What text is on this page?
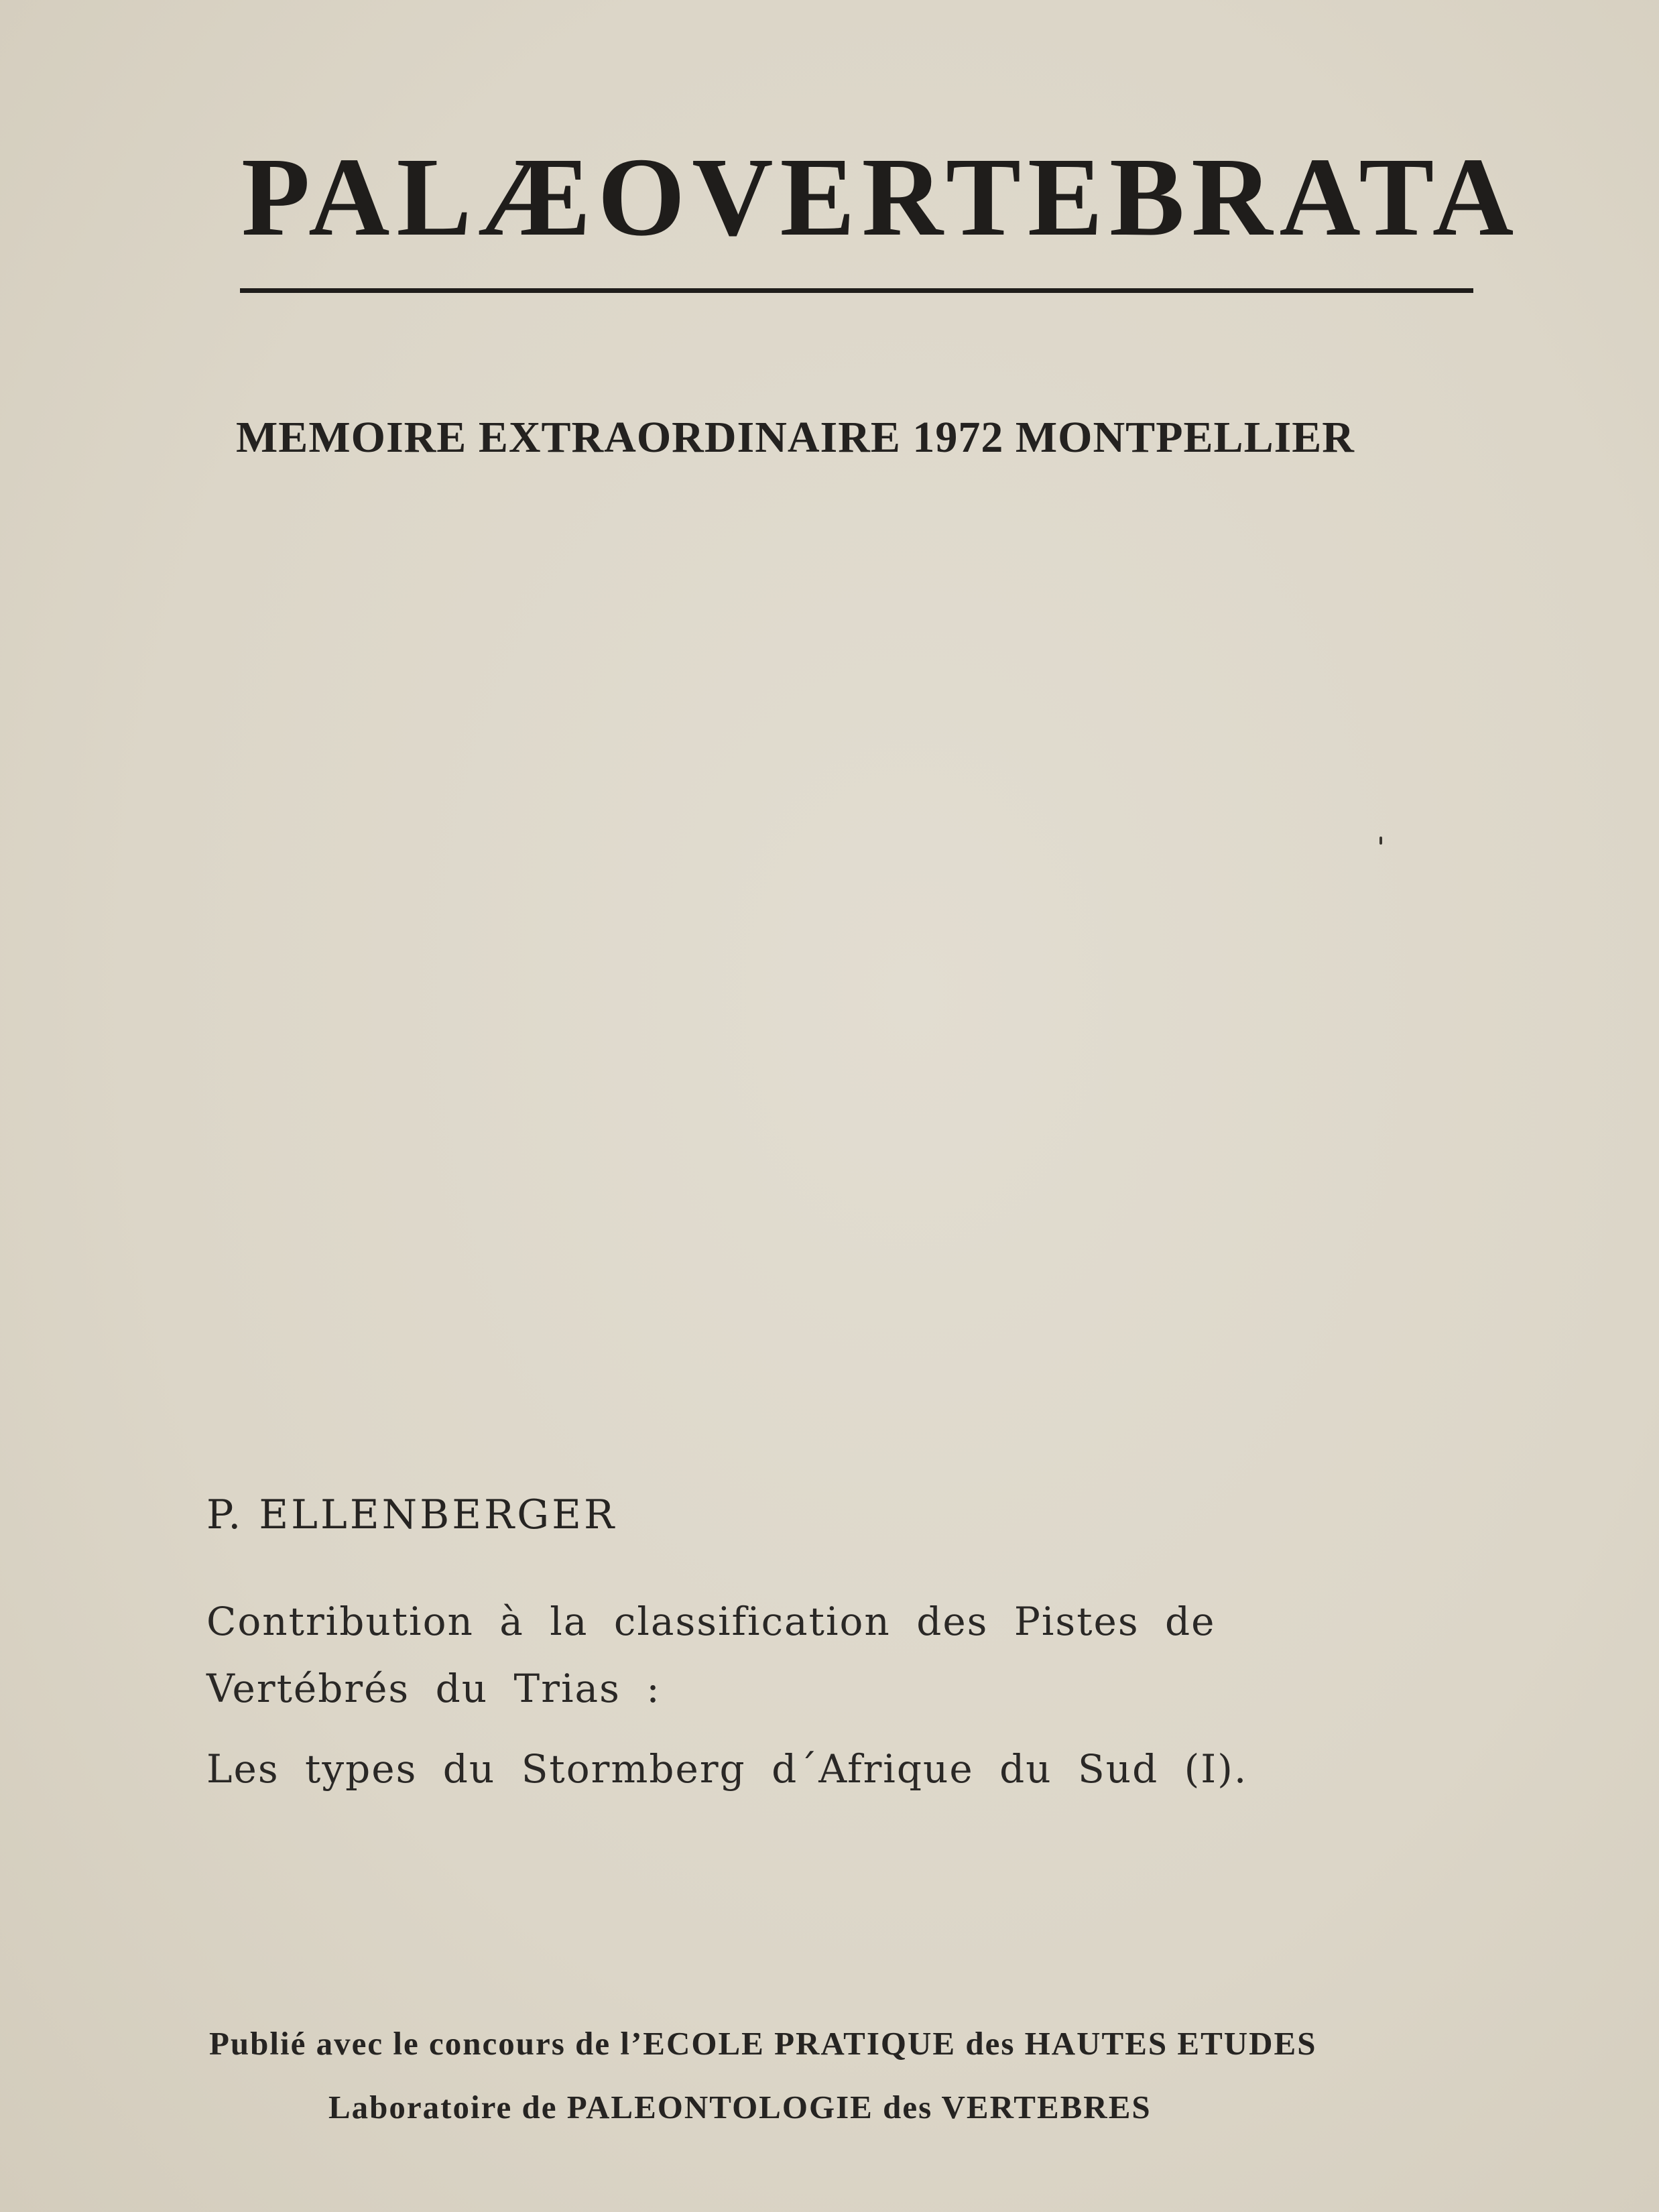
PALÆOVERTEBRATA
MEMOIRE EXTRAORDINAIRE 1972 MONTPELLIER
P. ELLENBERGER
Contribution à la classification des Pistes de
Vertébrés du Trias :
Les types du Stormberg d´Afrique du Sud (I).
Publié avec le concours de l’ECOLE PRATIQUE des HAUTES ETUDES
Laboratoire de PALEONTOLOGIE des VERTEBRES
